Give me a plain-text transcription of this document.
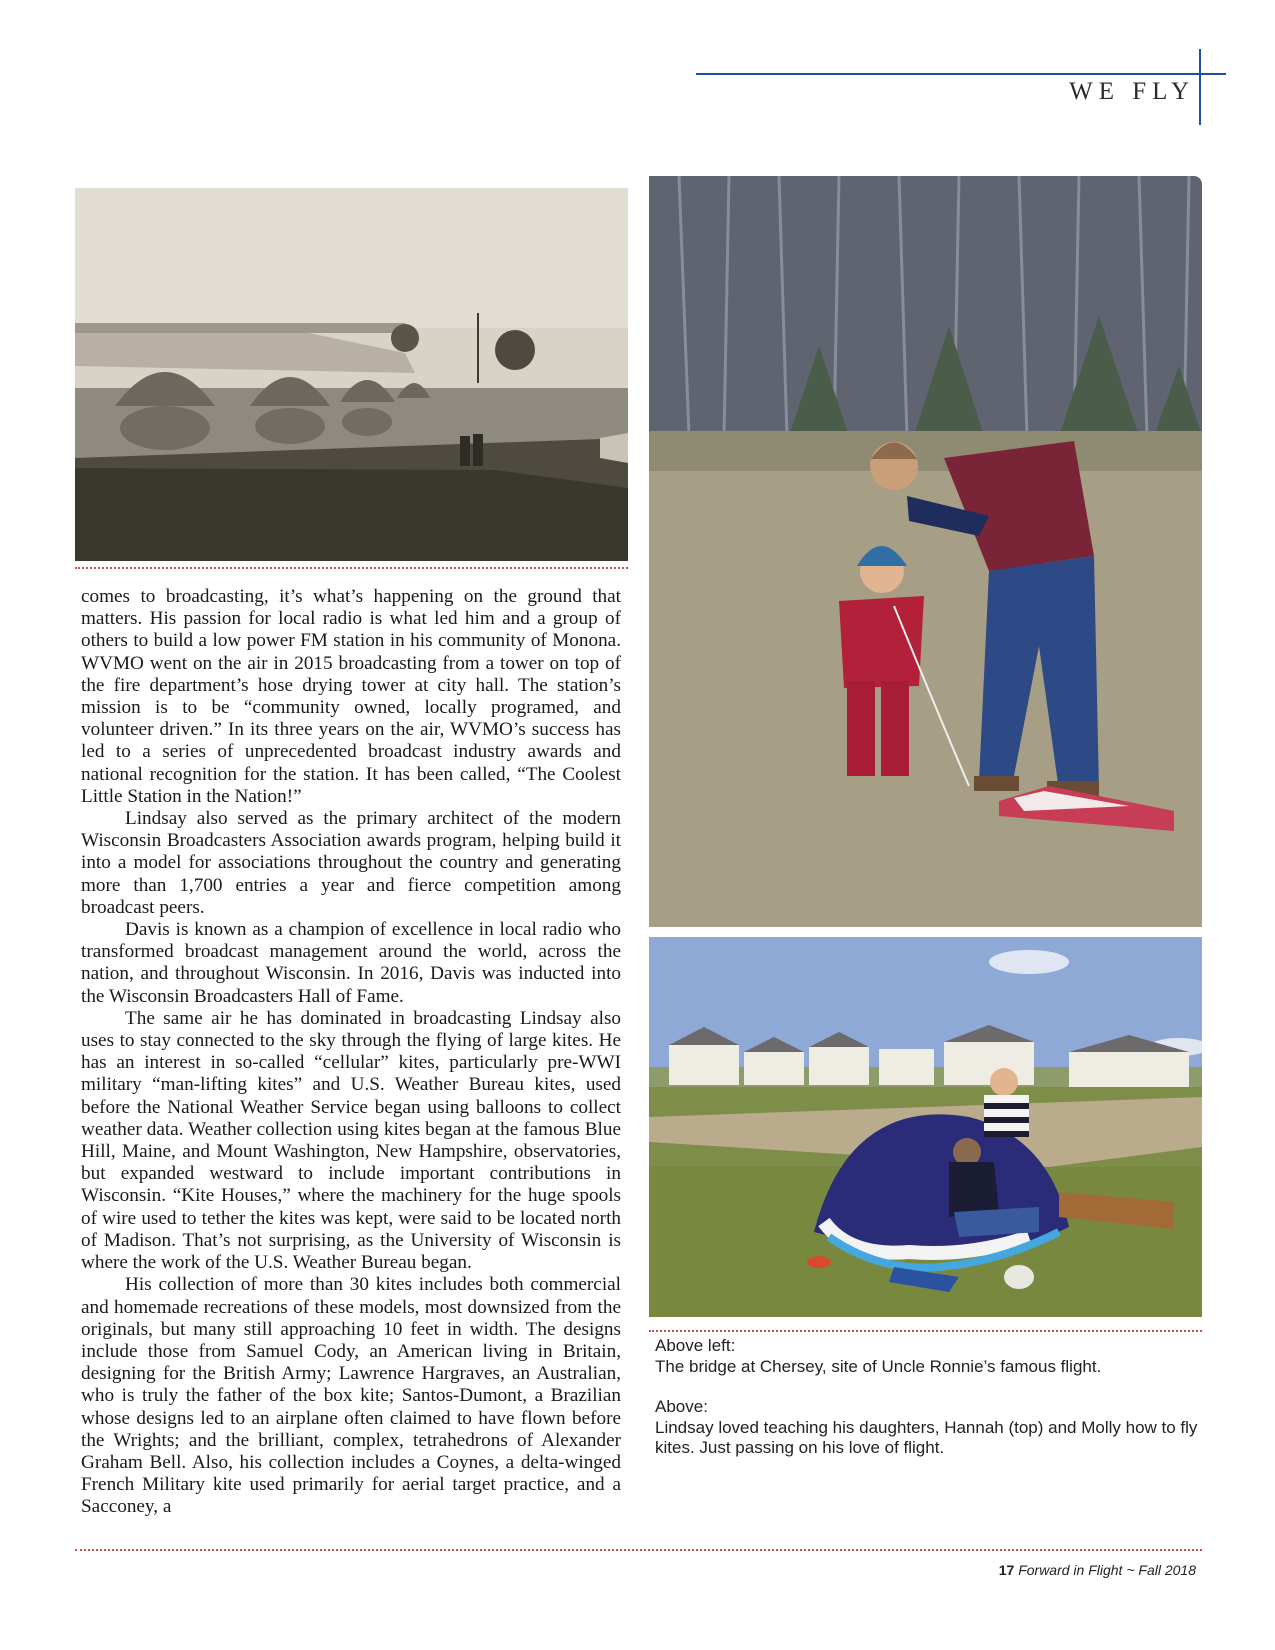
WE FLY

Above left:

The bridge at Chersey, site of Uncle Ronnie’s famous flight.

Above:

Lindsay loved teaching his daughters, Hannah (top) and Molly how to fly kites. Just passing on his love of flight.

comes to broadcasting, it’s what’s happening on the ground that matters. His passion for local radio is what led him and a group of others to build a low power FM station in his community of Monona. WVMO went on the air in 2015 broadcasting from a tower on top of the fire department’s hose drying tower at city hall. The station’s mission is to be “community owned, locally programed, and volunteer driven.” In its three years on the air, WVMO’s success has led to a series of unprecedented broadcast industry awards and national recognition for the station. It has been called, “The Coolest Little Station in the Nation!”

Lindsay also served as the primary architect of the modern Wisconsin Broadcasters Association awards program, helping build it into a model for associations throughout the country and generating more than 1,700 entries a year and fierce competition among broadcast peers.

Davis is known as a champion of excellence in local radio who transformed broadcast management around the world, across the nation, and throughout Wisconsin. In 2016, Davis was inducted into the Wisconsin Broadcasters Hall of Fame.

The same air he has dominated in broadcasting Lindsay also uses to stay connected to the sky through the flying of large kites. He has an interest in so-called “cellular” kites, particularly pre-WWI military “man-lifting kites” and U.S. Weather Bureau kites, used before the National Weather Service began using balloons to collect weather data. Weather collection using kites began at the famous Blue Hill, Maine, and Mount Washington, New Hampshire, observatories, but expanded westward to include important contributions in Wisconsin. “Kite Houses,” where the machinery for the huge spools of wire used to tether the kites was kept, were said to be located north of Madison. That’s not surprising, as the University of Wisconsin is where the work of the U.S. Weather Bureau began.

His collection of more than 30 kites includes both commercial and homemade recreations of these models, most downsized from the originals, but many still approaching 10 feet in width. The designs include those from Samuel Cody, an American living in Britain, designing for the British Army; Lawrence Hargraves, an Australian, who is truly the father of the box kite; Santos-Dumont, a Brazilian whose designs led to an airplane often claimed to have flown before the Wrights; and the brilliant, complex, tetrahedrons of Alexander Graham Bell. Also, his collection includes a Coynes, a delta-winged French Military kite used primarily for aerial target practice, and a Sacconey, a

17 Forward in Flight ~ Fall 2018
